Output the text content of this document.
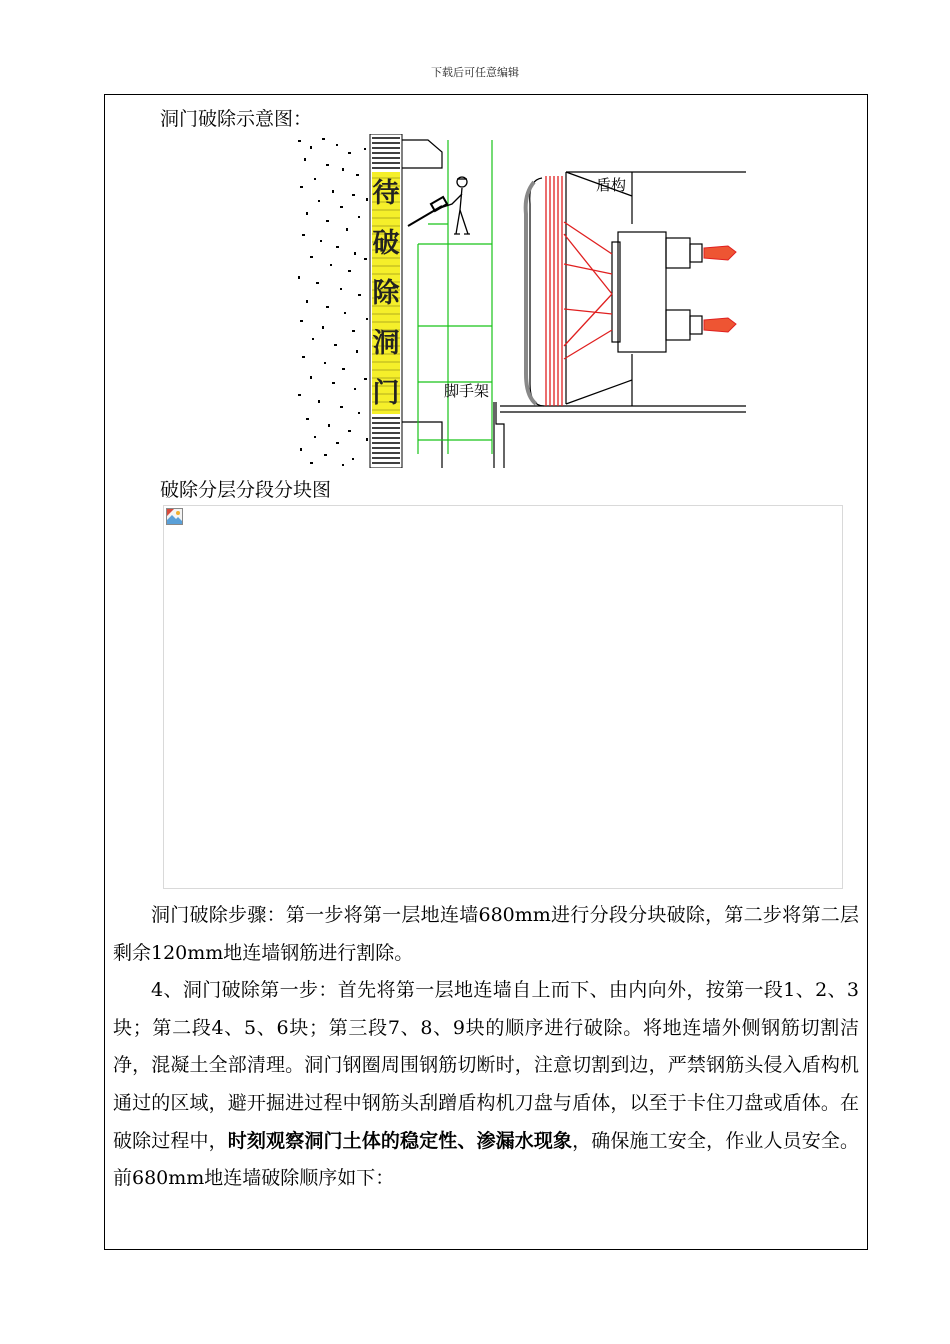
下载后可任意编辑
洞门破除示意图：
待
破
除
洞
门	脚手架
盾构
破除分层分段分块图

洞门破除步骤：第一步将第一层地连墙680mm进行分段分块破除，第二步将第二层剩余120mm地连墙钢筋进行割除。

4、洞门破除第一步：首先将第一层地连墙自上而下、由内向外，按第一段1、2、3块；第二段4、5、6块；第三段7、8、9块的顺序进行破除。将地连墙外侧钢筋切割洁净，混凝土全部清理。洞门钢圈周围钢筋切断时，注意切割到边，严禁钢筋头侵入盾构机通过的区域，避开掘进过程中钢筋头刮蹭盾构机刀盘与盾体，以至于卡住刀盘或盾体。在破除过程中，时刻观察洞门土体的稳定性、渗漏水现象，确保施工安全，作业人员安全。前680mm地连墙破除顺序如下：
